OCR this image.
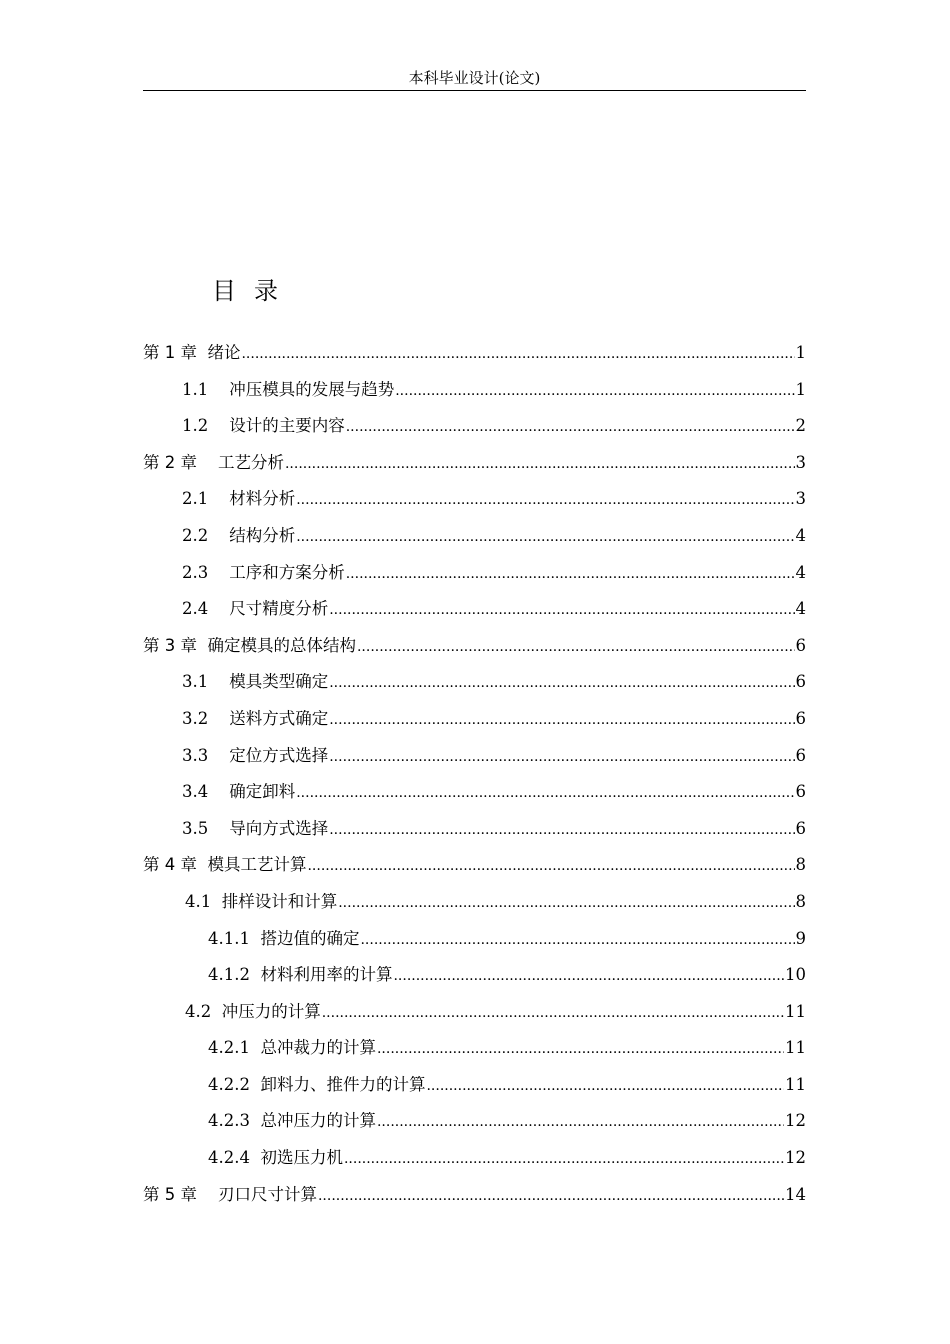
本科毕业设计(论文)
目录
第 1 章  绪论 .....	1
1.1    冲压模具的发展与趋势 .....	1
1.2    设计的主要内容 .....	2
第 2 章    工艺分析 .....	3
2.1    材料分析 .....	3
2.2    结构分析 .....	4
2.3    工序和方案分析 .....	4
2.4    尺寸精度分析 .....	4
第 3 章  确定模具的总体结构 .....	6
3.1    模具类型确定 .....	6
3.2    送料方式确定 .....	6
3.3    定位方式选择 .....	6
3.4    确定卸料 .....	6
3.5    导向方式选择 .....	6
第 4 章  模具工艺计算 .....	8
4.1  排样设计和计算 .....	8
4.1.1  搭边值的确定 .....	9
4.1.2  材料利用率的计算 .....	10
4.2  冲压力的计算 .....	11
4.2.1  总冲裁力的计算 .....	11
4.2.2  卸料力、推件力的计算 .....	11
4.2.3  总冲压力的计算 .....	12
4.2.4  初选压力机 .....	12
第 5 章    刃口尺寸计算 .....	14
